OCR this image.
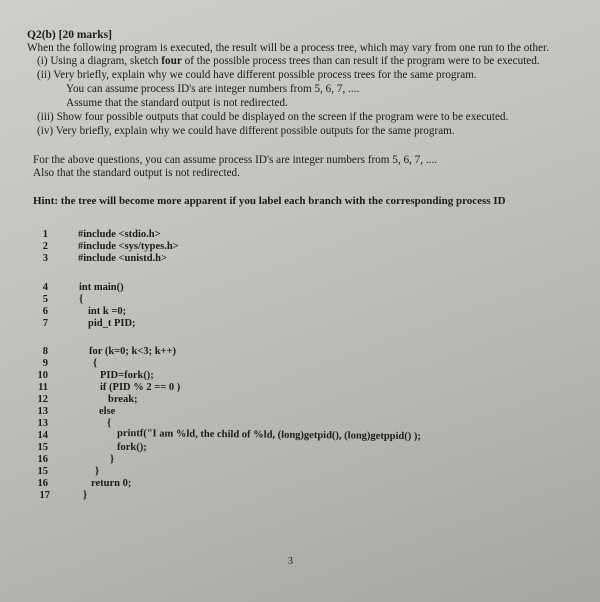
Q2(b) [20 marks]
When the following program is executed, the result will be a process tree, which may vary from one run to the other.
(i) Using a diagram, sketch four of the possible process trees than can result if the program were to be executed.
(ii) Very briefly, explain why we could have different possible process trees for the same program.
You can assume process ID's are integer numbers from 5, 6, 7, ....
Assume that the standard output is not redirected.
(iii) Show four possible outputs that could be displayed on the screen if the program were to be executed.
(iv) Very briefly, explain why we could have different possible outputs for the same program.
For the above questions, you can assume process ID's are integer numbers from 5, 6, 7, ....
Also that the standard output is not redirected.
Hint: the tree will become more apparent if you label each branch with the corresponding process ID
1	#include <stdio.h>
2	#include <sys/types.h>
3	#include <unistd.h>
4	int main()
5	{
6	int k =0;
7	pid_t PID;
8	for (k=0; k<3; k++)
9	{
10	PID=fork();
11	if (PID % 2 == 0 )
12	break;
13	else
13	{
14	printf("I am %ld, the child of %ld, (long)getpid(), (long)getppid() );
15	fork();
16	}
15	}
16	return 0;
17	}
3
